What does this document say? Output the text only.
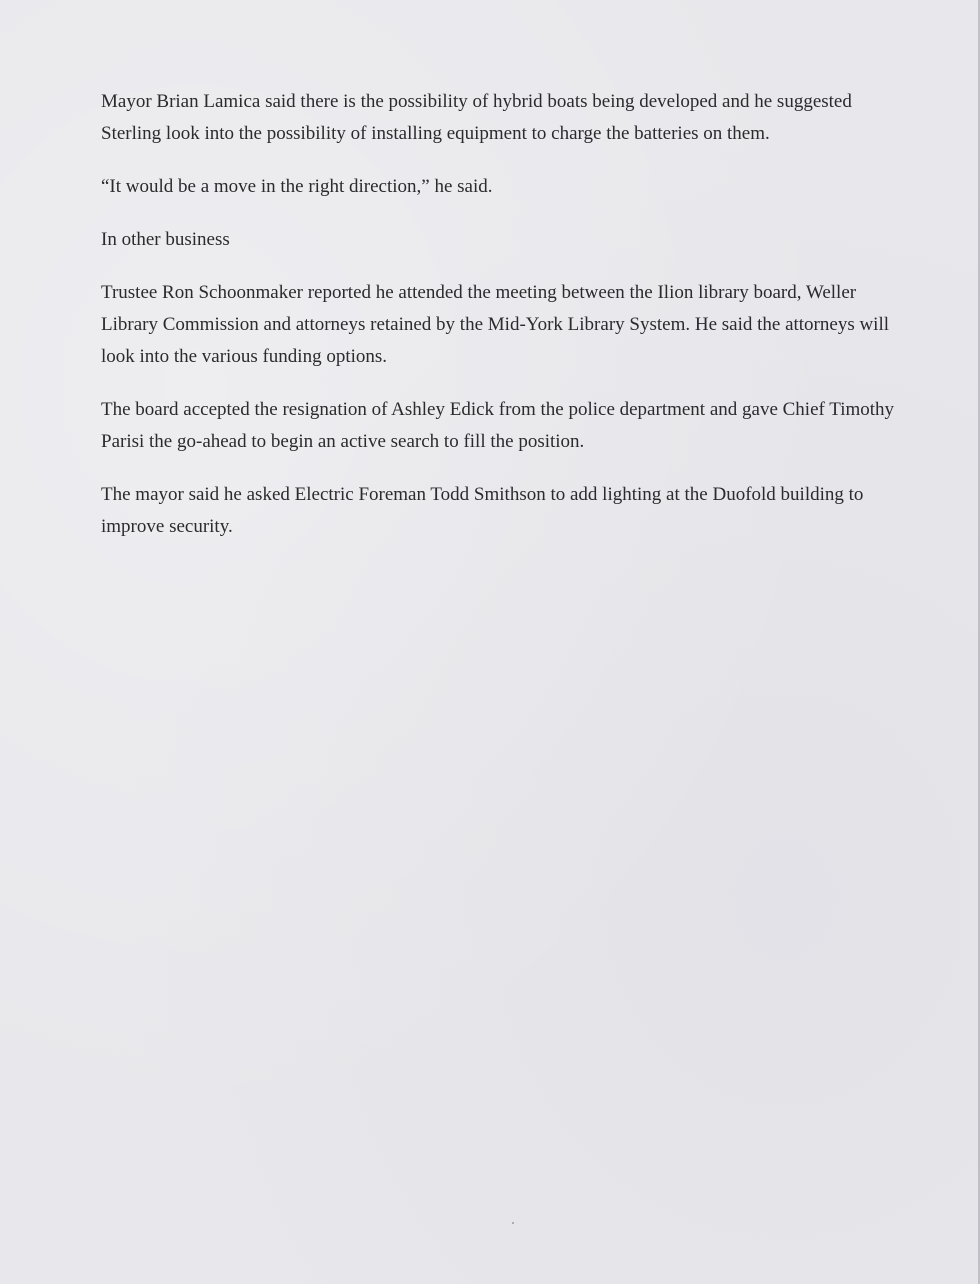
Mayor Brian Lamica said there is the possibility of hybrid boats being developed and he suggested Sterling look into the possibility of installing equipment to charge the batteries on them.

“It would be a move in the right direction,” he said.

In other business

Trustee Ron Schoonmaker reported he attended the meeting between the Ilion library board, Weller Library Commission and attorneys retained by the Mid-York Library System. He said the attorneys will look into the various funding options.

The board accepted the resignation of Ashley Edick from the police department and gave Chief Timothy Parisi the go-ahead to begin an active search to fill the position.

The mayor said he asked Electric Foreman Todd Smithson to add lighting at the Duofold building to improve security.
